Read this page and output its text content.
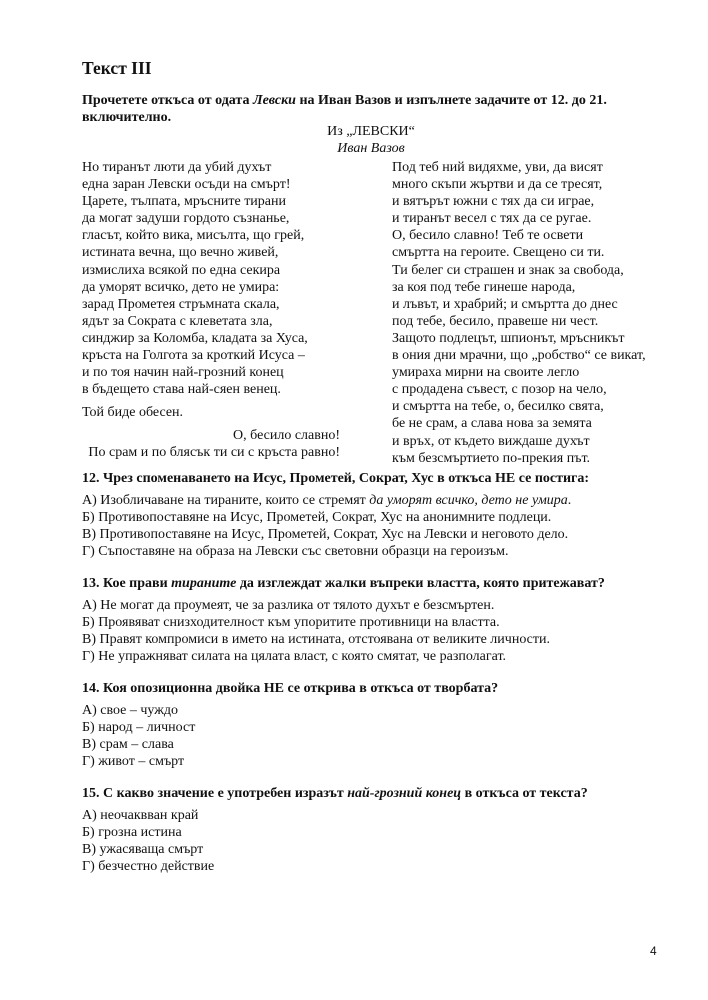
Текст III
Прочетете откъса от одата Левски на Иван Вазов и изпълнете задачите от 12. до 21.
включително.
Из „ЛЕВСКИ“
Иван Вазов
Но тиранът люти да убий духът
една заран Левски осъди на смърт!
Царете, тълпата, мръсните тирани
да могат задуши гордото съзнанье,
гласът, който вика, мисълта, що грей,
истината вечна, що вечно живей,
измислиха всякой по една секира
да уморят всичко, дето не умира:
зарад Прометея стръмната скала,
ядът за Сократа с клеветата зла,
синджир за Коломба, кладата за Хуса,
кръста на Голгота за кроткий Исуса –
и по тоя начин най-грозний конец
в бъдещето става най-сяен венец.
Той биде обесен.
О, бесило славно!
По срам и по блясък ти си с кръста равно!
Под теб ний видяхме, уви, да висят
много скъпи жъртви и да се тресят,
и вятърът южни с тях да си играе,
и тиранът весел с тях да се ругае.
О, бесило славно! Теб те освети
смъртта на героите. Свещено си ти.
Ти белег си страшен и знак за свобода,
за коя под тебе гинеше народа,
и лъвът, и храбрий; и смъртта до днес
под тебе, бесило, правеше ни чест.
Защото подлецът, шпионът, мръсникът
в ония дни мрачни, що „робство“ се викат,
умираха мирни на своите легло
с продадена съвест, с позор на чело,
и смъртта на тебе, о, бесилко свята,
бе не срам, а слава нова за земята
и връх, от където виждаше духът
към безсмъртието по-прекия път.
12. Чрез споменаването на Исус, Прометей, Сократ, Хус в откъса НЕ се постига:
А) Изобличаване на тираните, които се стремят да уморят всичко, дето не умира.
Б) Противопоставяне на Исус, Прометей, Сократ, Хус на анонимните подлеци.
В) Противопоставяне на Исус, Прометей, Сократ, Хус на Левски и неговото дело.
Г) Съпоставяне на образа на Левски със световни образци на героизъм.
13. Кое прави тираните да изглеждат жалки въпреки властта, която притежават?
А) Не могат да проумеят, че за разлика от тялото духът е безсмъртен.
Б) Проявяват снизходителност към упоритите противници на властта.
В) Правят компромиси в името на истината, отстоявана от великите личности.
Г) Не упражняват силата на цялата власт, с която смятат, че разполагат.
14. Коя опозиционна двойка НЕ се открива в откъса от творбата?
А) свое – чуждо
Б) народ – личност
В) срам – слава
Г) живот – смърт
15. С какво значение е употребен изразът най-грозний конец в откъса от текста?
А) неочаквван край
Б) грозна истина
В) ужасяваща смърт
Г) безчестно действие
4
